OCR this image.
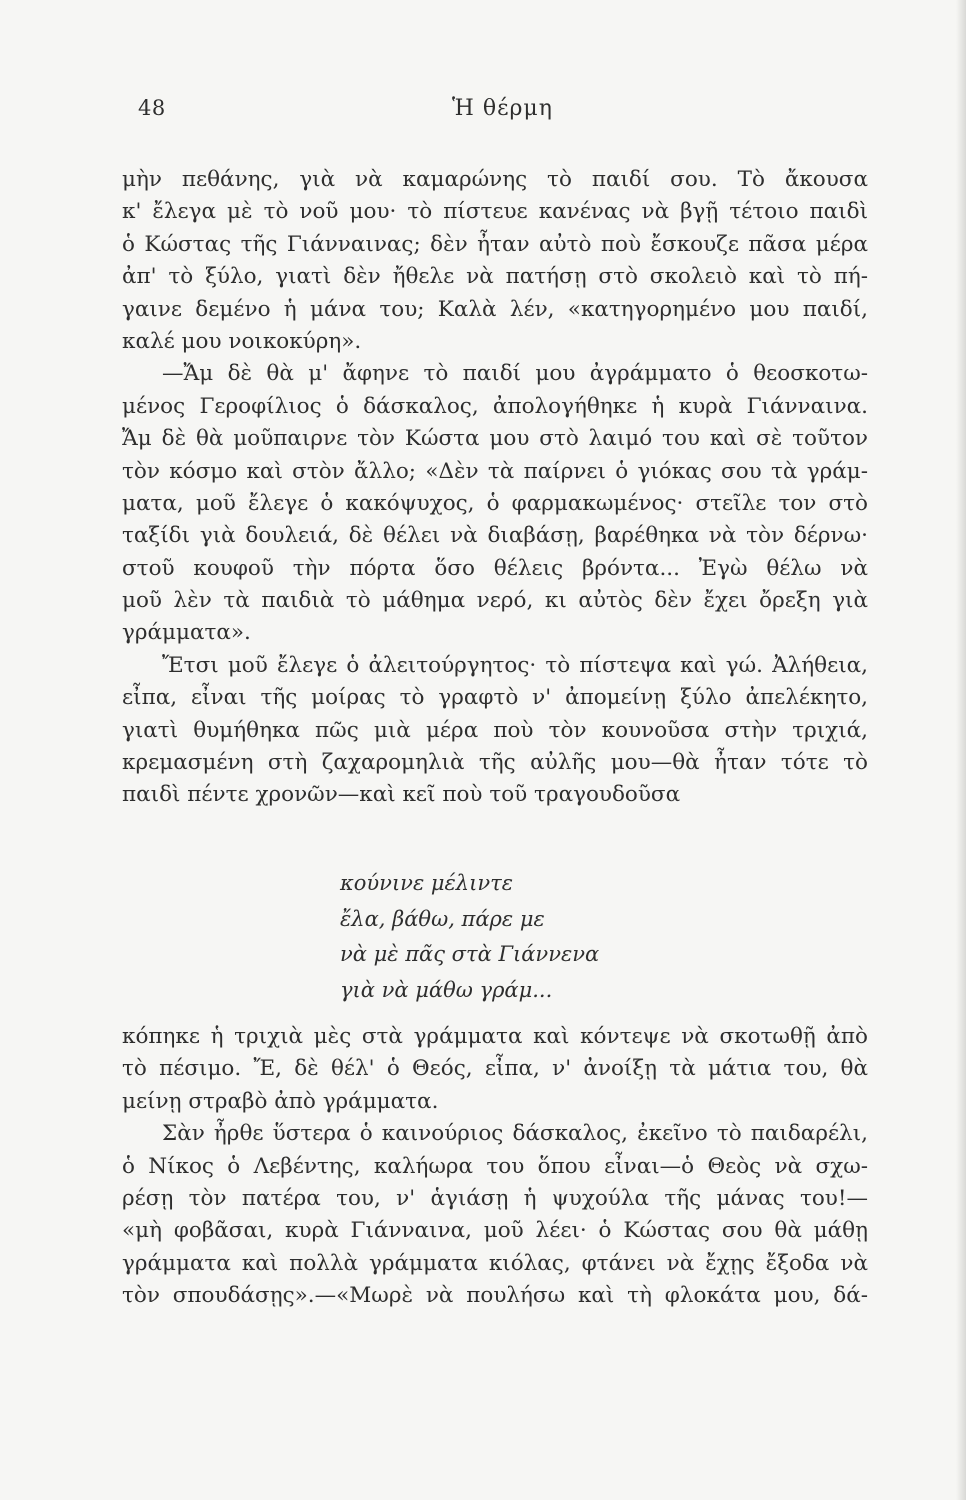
48	Ἡ θέρμη
μὴν πεθάνης, γιὰ νὰ καμαρώνης τὸ παιδί σου. Τὸ ἄκουσα
κ' ἔλεγα μὲ τὸ νοῦ μου· τὸ πίστευε κανένας νὰ βγῇ τέτοιο παιδὶ
ὁ Κώστας τῆς Γιάνναινας; δὲν ἦταν αὐτὸ ποὺ ἔσκουζε πᾶσα μέρα
ἀπ' τὸ ξύλο, γιατὶ δὲν ἤθελε νὰ πατήσῃ στὸ σκολειὸ καὶ τὸ πή-
γαινε δεμένο ἡ μάνα του; Καλὰ λέν, «κατηγορημένο μου παιδί,
καλέ μου νοικοκύρη».
—Ἄμ δὲ θὰ μ' ἄφηνε τὸ παιδί μου ἀγράμματο ὁ θεοσκοτω-
μένος Γεροφίλιος ὁ δάσκαλος, ἀπολογήθηκε ἡ κυρὰ Γιάνναινα.
Ἄμ δὲ θὰ μοῦπαιρνε τὸν Κώστα μου στὸ λαιμό του καὶ σὲ τοῦτον
τὸν κόσμο καὶ στὸν ἄλλο; «Δὲν τὰ παίρνει ὁ γιόκας σου τὰ γράμ-
ματα, μοῦ ἔλεγε ὁ κακόψυχος, ὁ φαρμακωμένος· στεῖλε τον στὸ
ταξίδι γιὰ δουλειά, δὲ θέλει νὰ διαβάσῃ, βαρέθηκα νὰ τὸν δέρνω·
στοῦ κουφοῦ τὴν πόρτα ὅσο θέλεις βρόντα... Ἐγὼ θέλω νὰ
μοῦ λὲν τὰ παιδιὰ τὸ μάθημα νερό, κι αὐτὸς δὲν ἔχει ὄρεξη γιὰ
γράμματα».
Ἔτσι μοῦ ἔλεγε ὁ ἀλειτούργητος· τὸ πίστεψα καὶ γώ. Ἀλήθεια,
εἶπα, εἶναι τῆς μοίρας τὸ γραφτὸ ν' ἀπομείνῃ ξύλο ἀπελέκητο,
γιατὶ θυμήθηκα πῶς μιὰ μέρα ποὺ τὸν κουνοῦσα στὴν τριχιά,
κρεμασμένη στὴ ζαχαρομηλιὰ τῆς αὐλῆς μου—θὰ ἦταν τότε τὸ
παιδὶ πέντε χρονῶν—καὶ κεῖ ποὺ τοῦ τραγουδοῦσα
κούνινε μέλιντε
ἔλα, βάθω, πάρε με
νὰ μὲ πᾶς στὰ Γιάννενα
γιὰ νὰ μάθω γράμ...
κόπηκε ἡ τριχιὰ μὲς στὰ γράμματα καὶ κόντεψε νὰ σκοτωθῇ ἀπὸ
τὸ πέσιμο. Ἔ, δὲ θέλ' ὁ Θεός, εἶπα, ν' ἀνοίξῃ τὰ μάτια του, θὰ
μείνῃ στραβὸ ἀπὸ γράμματα.
Σὰν ἦρθε ὕστερα ὁ καινούριος δάσκαλος, ἐκεῖνο τὸ παιδαρέλι,
ὁ Νίκος ὁ Λεβέντης, καλήωρα του ὅπου εἶναι—ὁ Θεὸς νὰ σχω-
ρέσῃ τὸν πατέρα του, ν' ἁγιάσῃ ἡ ψυχούλα τῆς μάνας του!—
«μὴ φοβᾶσαι, κυρὰ Γιάνναινα, μοῦ λέει· ὁ Κώστας σου θὰ μάθῃ
γράμματα καὶ πολλὰ γράμματα κιόλας, φτάνει νὰ ἔχῃς ἔξοδα νὰ
τὸν σπουδάσῃς».—«Μωρὲ νὰ πουλήσω καὶ τὴ φλοκάτα μου, δά-
